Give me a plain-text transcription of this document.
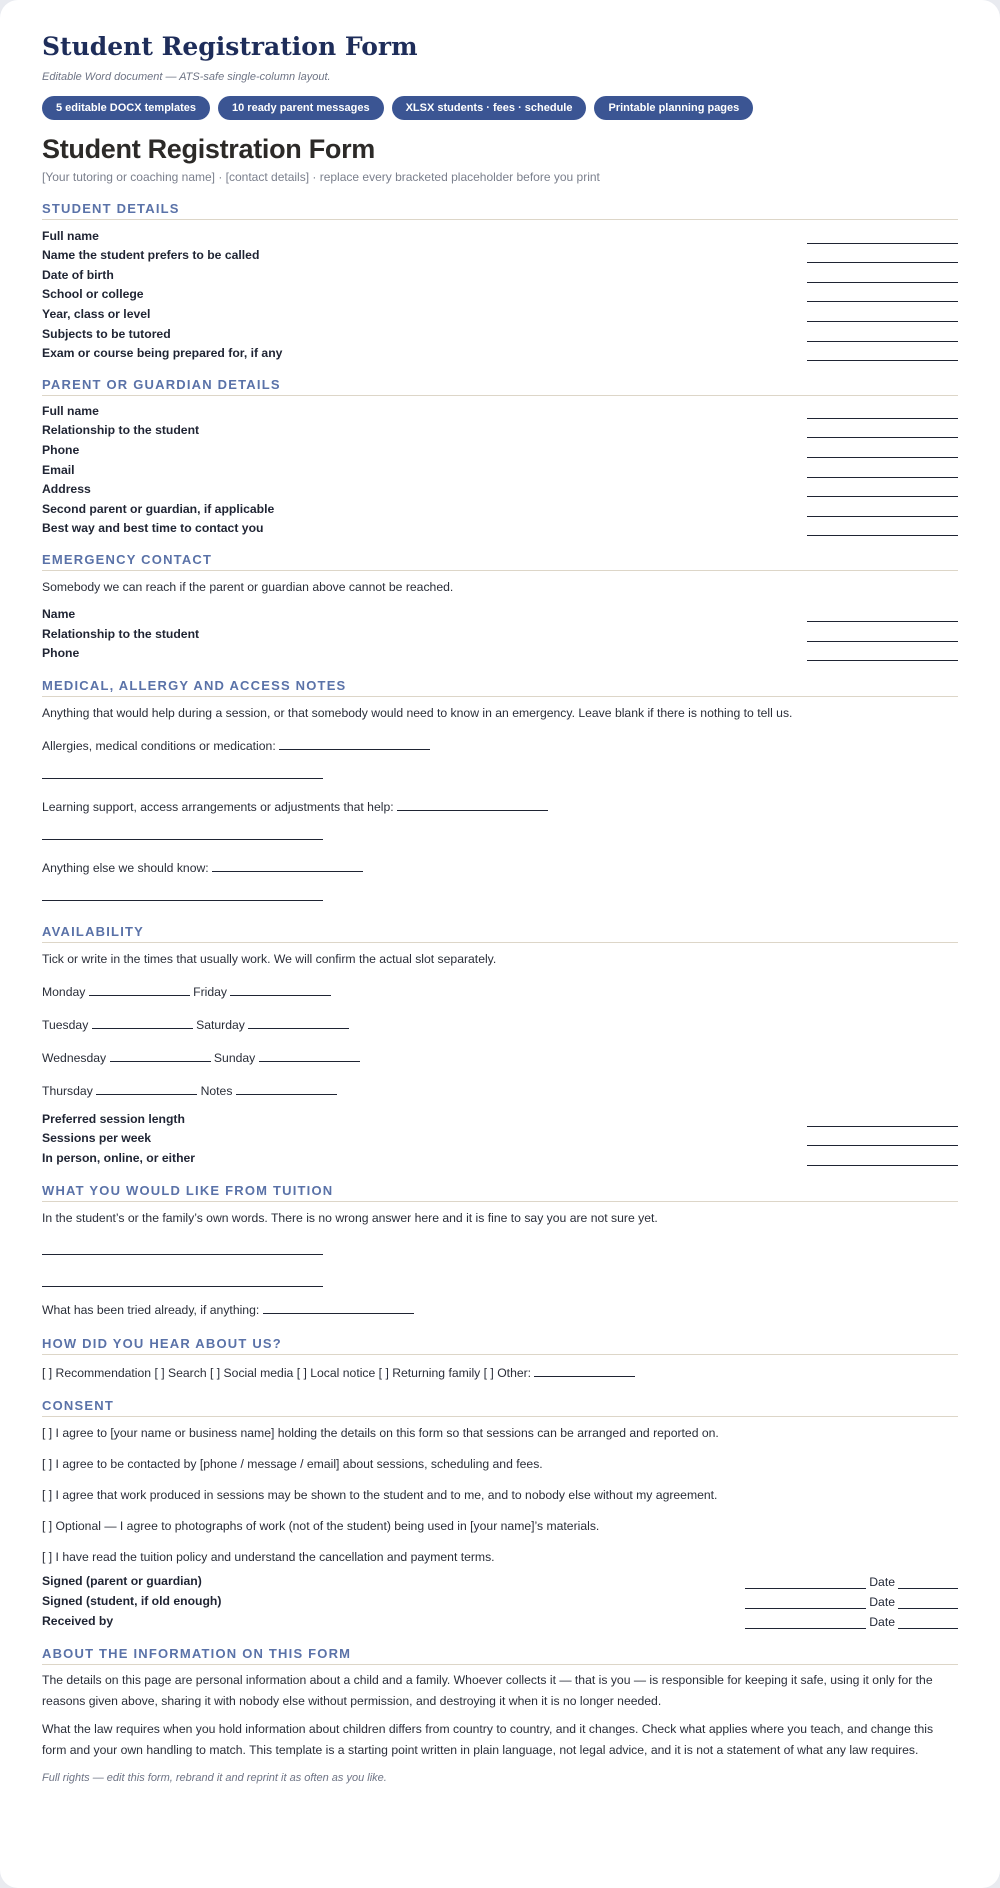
Student Registration Form
Editable Word document — ATS-safe single-column layout.
5 editable DOCX templates	10 ready parent messages	XLSX students · fees · schedule	Printable planning pages
Student Registration Form
[Your tutoring or coaching name] · [contact details] · replace every bracketed placeholder before you print
STUDENT DETAILS
Full name
Name the student prefers to be called
Date of birth
School or college
Year, class or level
Subjects to be tutored
Exam or course being prepared for, if any
PARENT OR GUARDIAN DETAILS
Full name
Relationship to the student
Phone
Email
Address
Second parent or guardian, if applicable
Best way and best time to contact you
EMERGENCY CONTACT
Somebody we can reach if the parent or guardian above cannot be reached.
Name
Relationship to the student
Phone
MEDICAL, ALLERGY AND ACCESS NOTES
Anything that would help during a session, or that somebody would need to know in an emergency. Leave blank if there is nothing to tell us.
Allergies, medical conditions or medication:
Learning support, access arrangements or adjustments that help:
Anything else we should know:
AVAILABILITY
Tick or write in the times that usually work. We will confirm the actual slot separately.
Monday	Friday
Tuesday	Saturday
Wednesday	Sunday
Thursday	Notes
Preferred session length
Sessions per week
In person, online, or either
WHAT YOU WOULD LIKE FROM TUITION
In the student’s or the family’s own words. There is no wrong answer here and it is fine to say you are not sure yet.
What has been tried already, if anything:
HOW DID YOU HEAR ABOUT US?
[ ] Recommendation [ ] Search [ ] Social media [ ] Local notice [ ] Returning family [ ] Other:
CONSENT
[ ] I agree to [your name or business name] holding the details on this form so that sessions can be arranged and reported on.
[ ] I agree to be contacted by [phone / message / email] about sessions, scheduling and fees.
[ ] I agree that work produced in sessions may be shown to the student and to me, and to nobody else without my agreement.
[ ] Optional — I agree to photographs of work (not of the student) being used in [your name]’s materials.
[ ] I have read the tuition policy and understand the cancellation and payment terms.
Signed (parent or guardian)	Date
Signed (student, if old enough)	Date
Received by	Date
ABOUT THE INFORMATION ON THIS FORM
The details on this page are personal information about a child and a family. Whoever collects it — that is you — is responsible for keeping it safe, using it only for the reasons given above, sharing it with nobody else without permission, and destroying it when it is no longer needed.
What the law requires when you hold information about children differs from country to country, and it changes. Check what applies where you teach, and change this form and your own handling to match. This template is a starting point written in plain language, not legal advice, and it is not a statement of what any law requires.
Full rights — edit this form, rebrand it and reprint it as often as you like.
